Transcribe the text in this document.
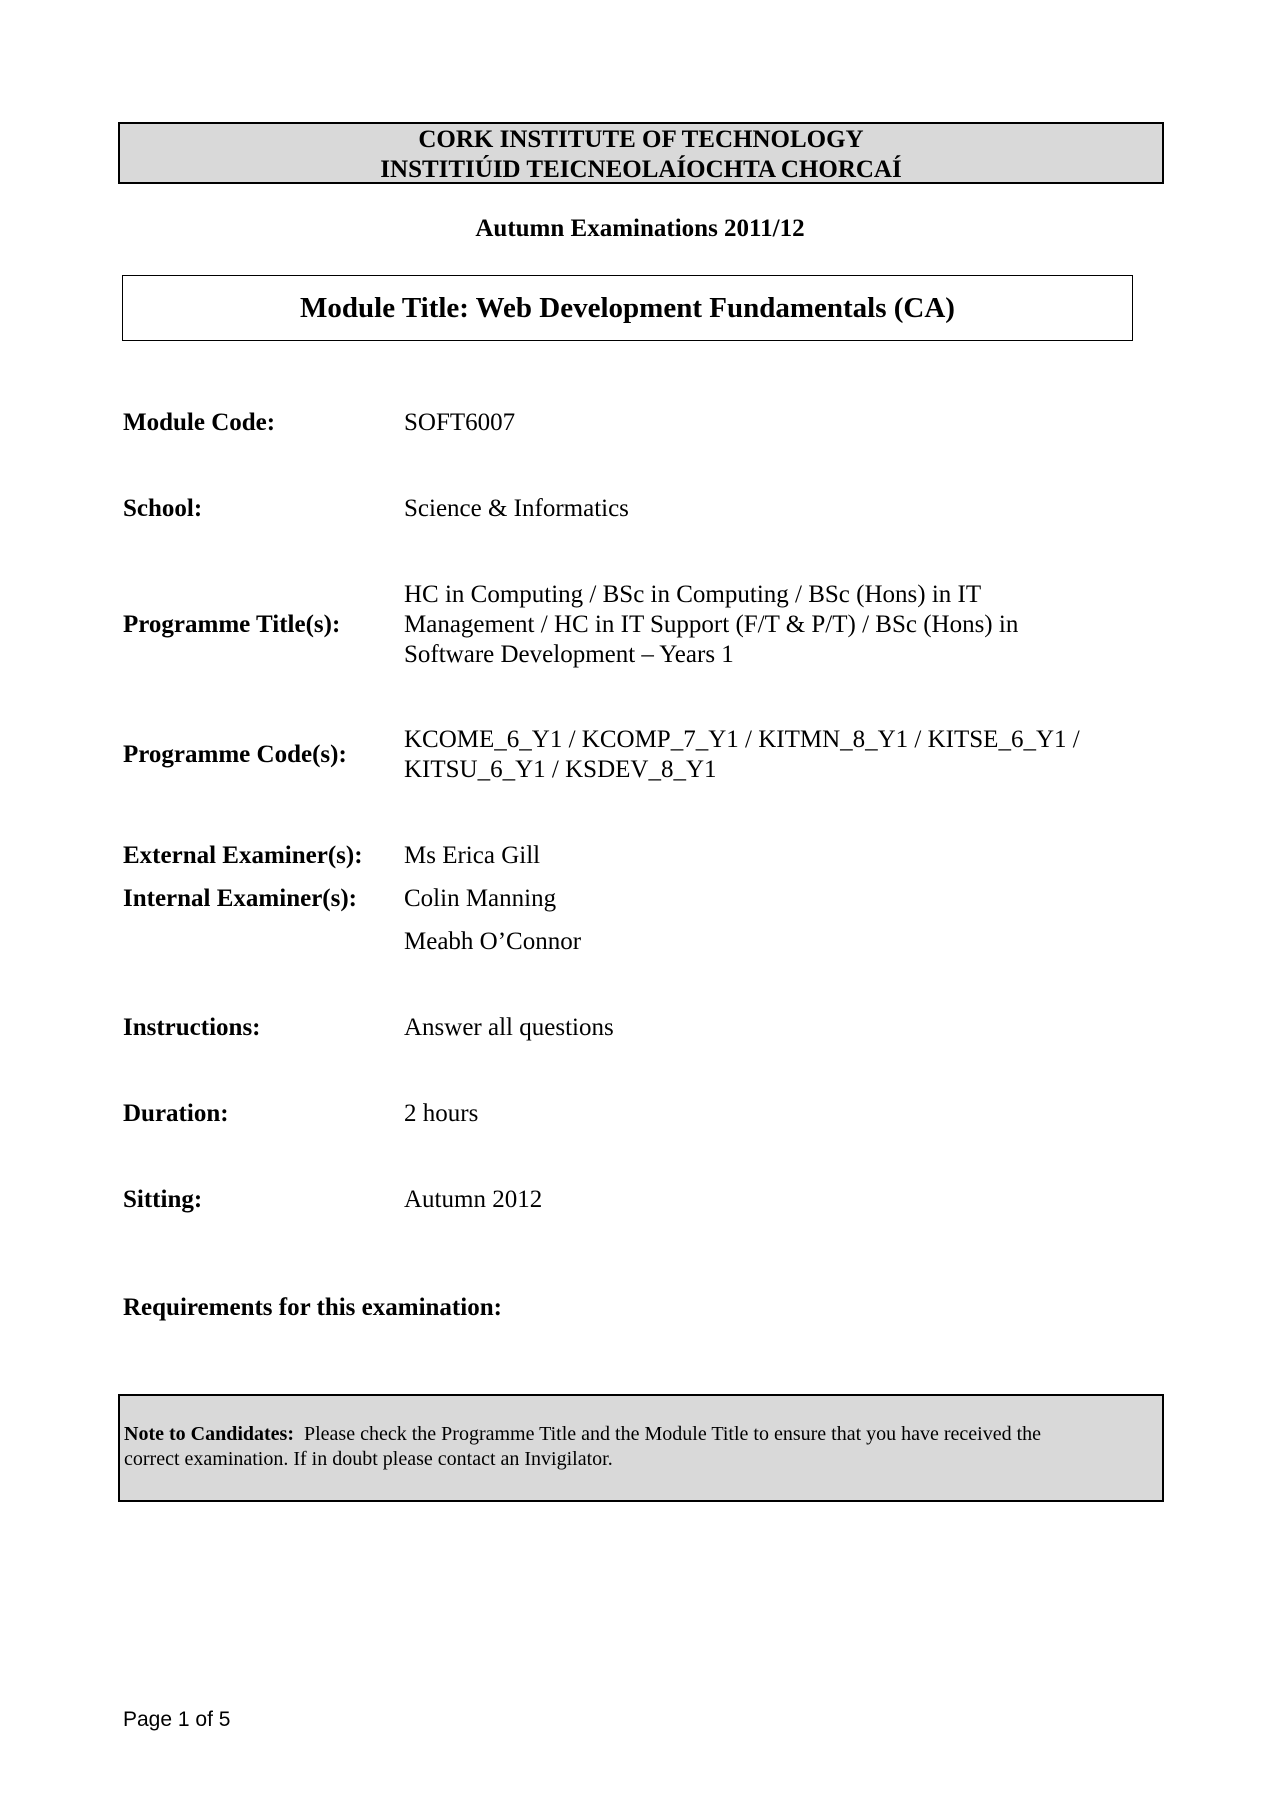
CORK INSTITUTE OF TECHNOLOGY
INSTITIÚID TEICNEOLAÍOCHTA CHORCAÍ
Autumn Examinations 2011/12
Module Title: Web Development Fundamentals (CA)
Module Code:	SOFT6007
School:	Science & Informatics
Programme Title(s):
HC in Computing / BSc in Computing / BSc (Hons) in IT
Management / HC in IT Support (F/T & P/T) / BSc (Hons) in
Software Development – Years 1
Programme Code(s):
KCOME_6_Y1 / KCOMP_7_Y1 / KITMN_8_Y1 / KITSE_6_Y1 /
KITSU_6_Y1 / KSDEV_8_Y1
External Examiner(s): Ms Erica Gill
Internal Examiner(s): Colin Manning
Meabh O’Connor
Instructions:	Answer all questions
Duration:	2 hours
Sitting:	Autumn 2012
Requirements for this examination:
Note to Candidates: Please check the Programme Title and the Module Title to ensure that you have received the
correct examination. If in doubt please contact an Invigilator.
Page 1 of 5
